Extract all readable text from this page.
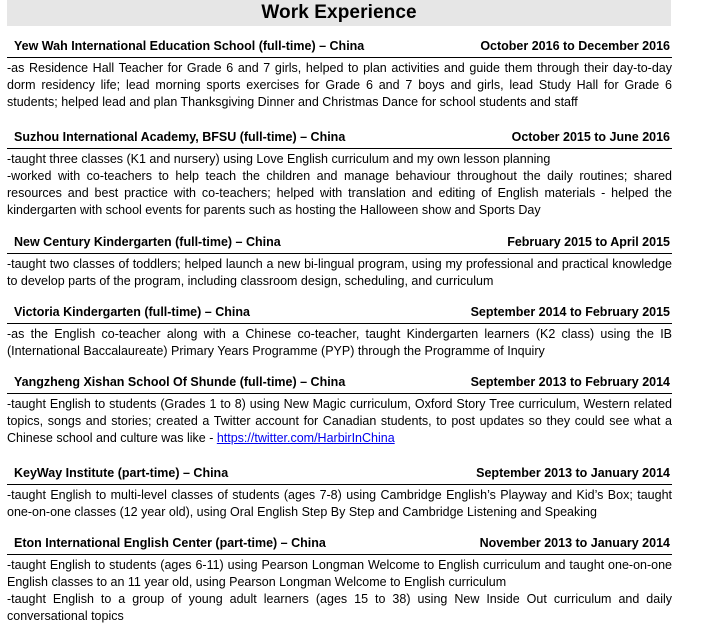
Work Experience
Yew Wah International Education School (full-time) – China	October 2016 to December 2016

-as Residence Hall Teacher for Grade 6 and 7 girls, helped to plan activities and guide them through their day-to-day dorm residency life; lead morning sports exercises for Grade 6 and 7 boys and girls, lead Study Hall for Grade 6 students; helped lead and plan Thanksgiving Dinner and Christmas Dance for school students and staff

Suzhou International Academy, BFSU (full-time) – China	October 2015 to June 2016

-taught three classes (K1 and nursery) using Love English curriculum and my own lesson planning

-worked with co-teachers to help teach the children and manage behaviour throughout the daily routines; shared resources and best practice with co-teachers; helped with translation and editing of English materials - helped the kindergarten with school events for parents such as hosting the Halloween show and Sports Day

New Century Kindergarten (full-time) – China	February 2015 to April 2015

-taught two classes of toddlers; helped launch a new bi-lingual program, using my professional and practical knowledge to develop parts of the program, including classroom design, scheduling, and curriculum

Victoria Kindergarten (full-time) – China	September 2014 to February 2015

-as the English co-teacher along with a Chinese co-teacher, taught Kindergarten learners (K2 class) using the IB (International Baccalaureate) Primary Years Programme (PYP) through the Programme of Inquiry

Yangzheng Xishan School Of Shunde (full-time) – China	September 2013 to February 2014

-taught English to students (Grades 1 to 8) using New Magic curriculum, Oxford Story Tree curriculum, Western related topics, songs and stories; created a Twitter account for Canadian students, to post updates so they could see what a Chinese school and culture was like - https://twitter.com/HarbirInChina

KeyWay Institute (part-time) – China	September 2013 to January 2014

-taught English to multi-level classes of students (ages 7-8) using Cambridge English’s Playway and Kid’s Box; taught one-on-one classes (12 year old), using Oral English Step By Step and Cambridge Listening and Speaking

Eton International English Center (part-time) – China	November 2013 to January 2014

-taught English to students (ages 6-11) using Pearson Longman Welcome to English curriculum and taught one-on-one English classes to an 11 year old, using Pearson Longman Welcome to English curriculum

-taught English to a group of young adult learners (ages 15 to 38) using New Inside Out curriculum and daily conversational topics
